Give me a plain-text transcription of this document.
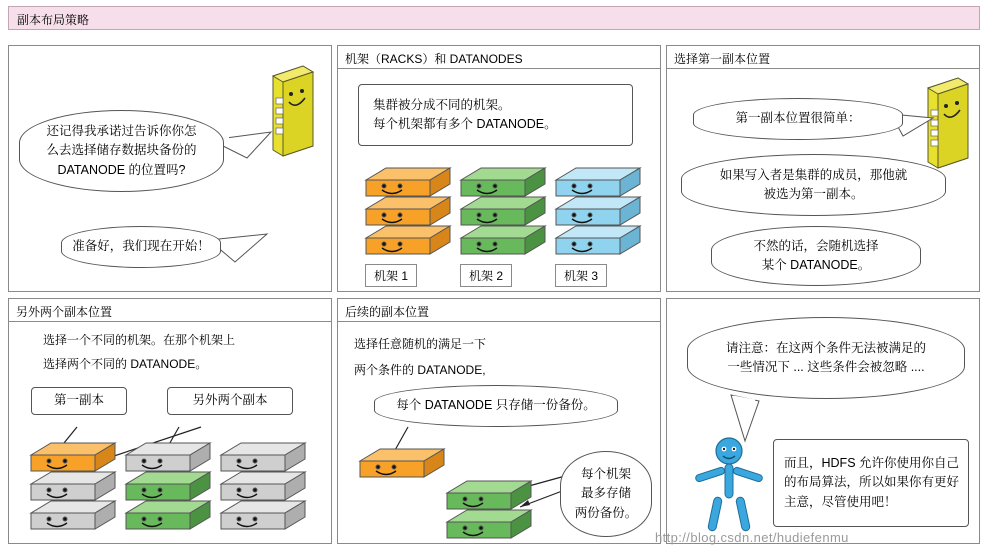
副本布局策略
还记得我承诺过告诉你你怎
么去选择储存数据块备份的
DATANODE 的位置吗?
准备好，我们现在开始！
机架（RACKS）和 DATANODES
集群被分成不同的机架。
每个机架都有多个 DATANODE。
机架 1	机架 2	机架 3
选择第一副本位置
第一副本位置很简单：
如果写入者是集群的成员，那他就
被选为第一副本。
不然的话，会随机选择
某个 DATANODE。
另外两个副本位置
选择一个不同的机架。在那个机架上
选择两个不同的 DATANODE。
第一副本	另外两个副本
后续的副本位置
选择任意随机的满足一下
两个条件的 DATANODE,
每个 DATANODE 只存储一份备份。
每个机架
最多存储
两份备份。
请注意：在这两个条件无法被满足的
一些情况下 ... 这些条件会被忽略 ....
而且，HDFS 允许你使用你自己
的布局算法，所以如果你有更好
主意，尽管使用吧！
http://blog.csdn.net/hudiefenmu
